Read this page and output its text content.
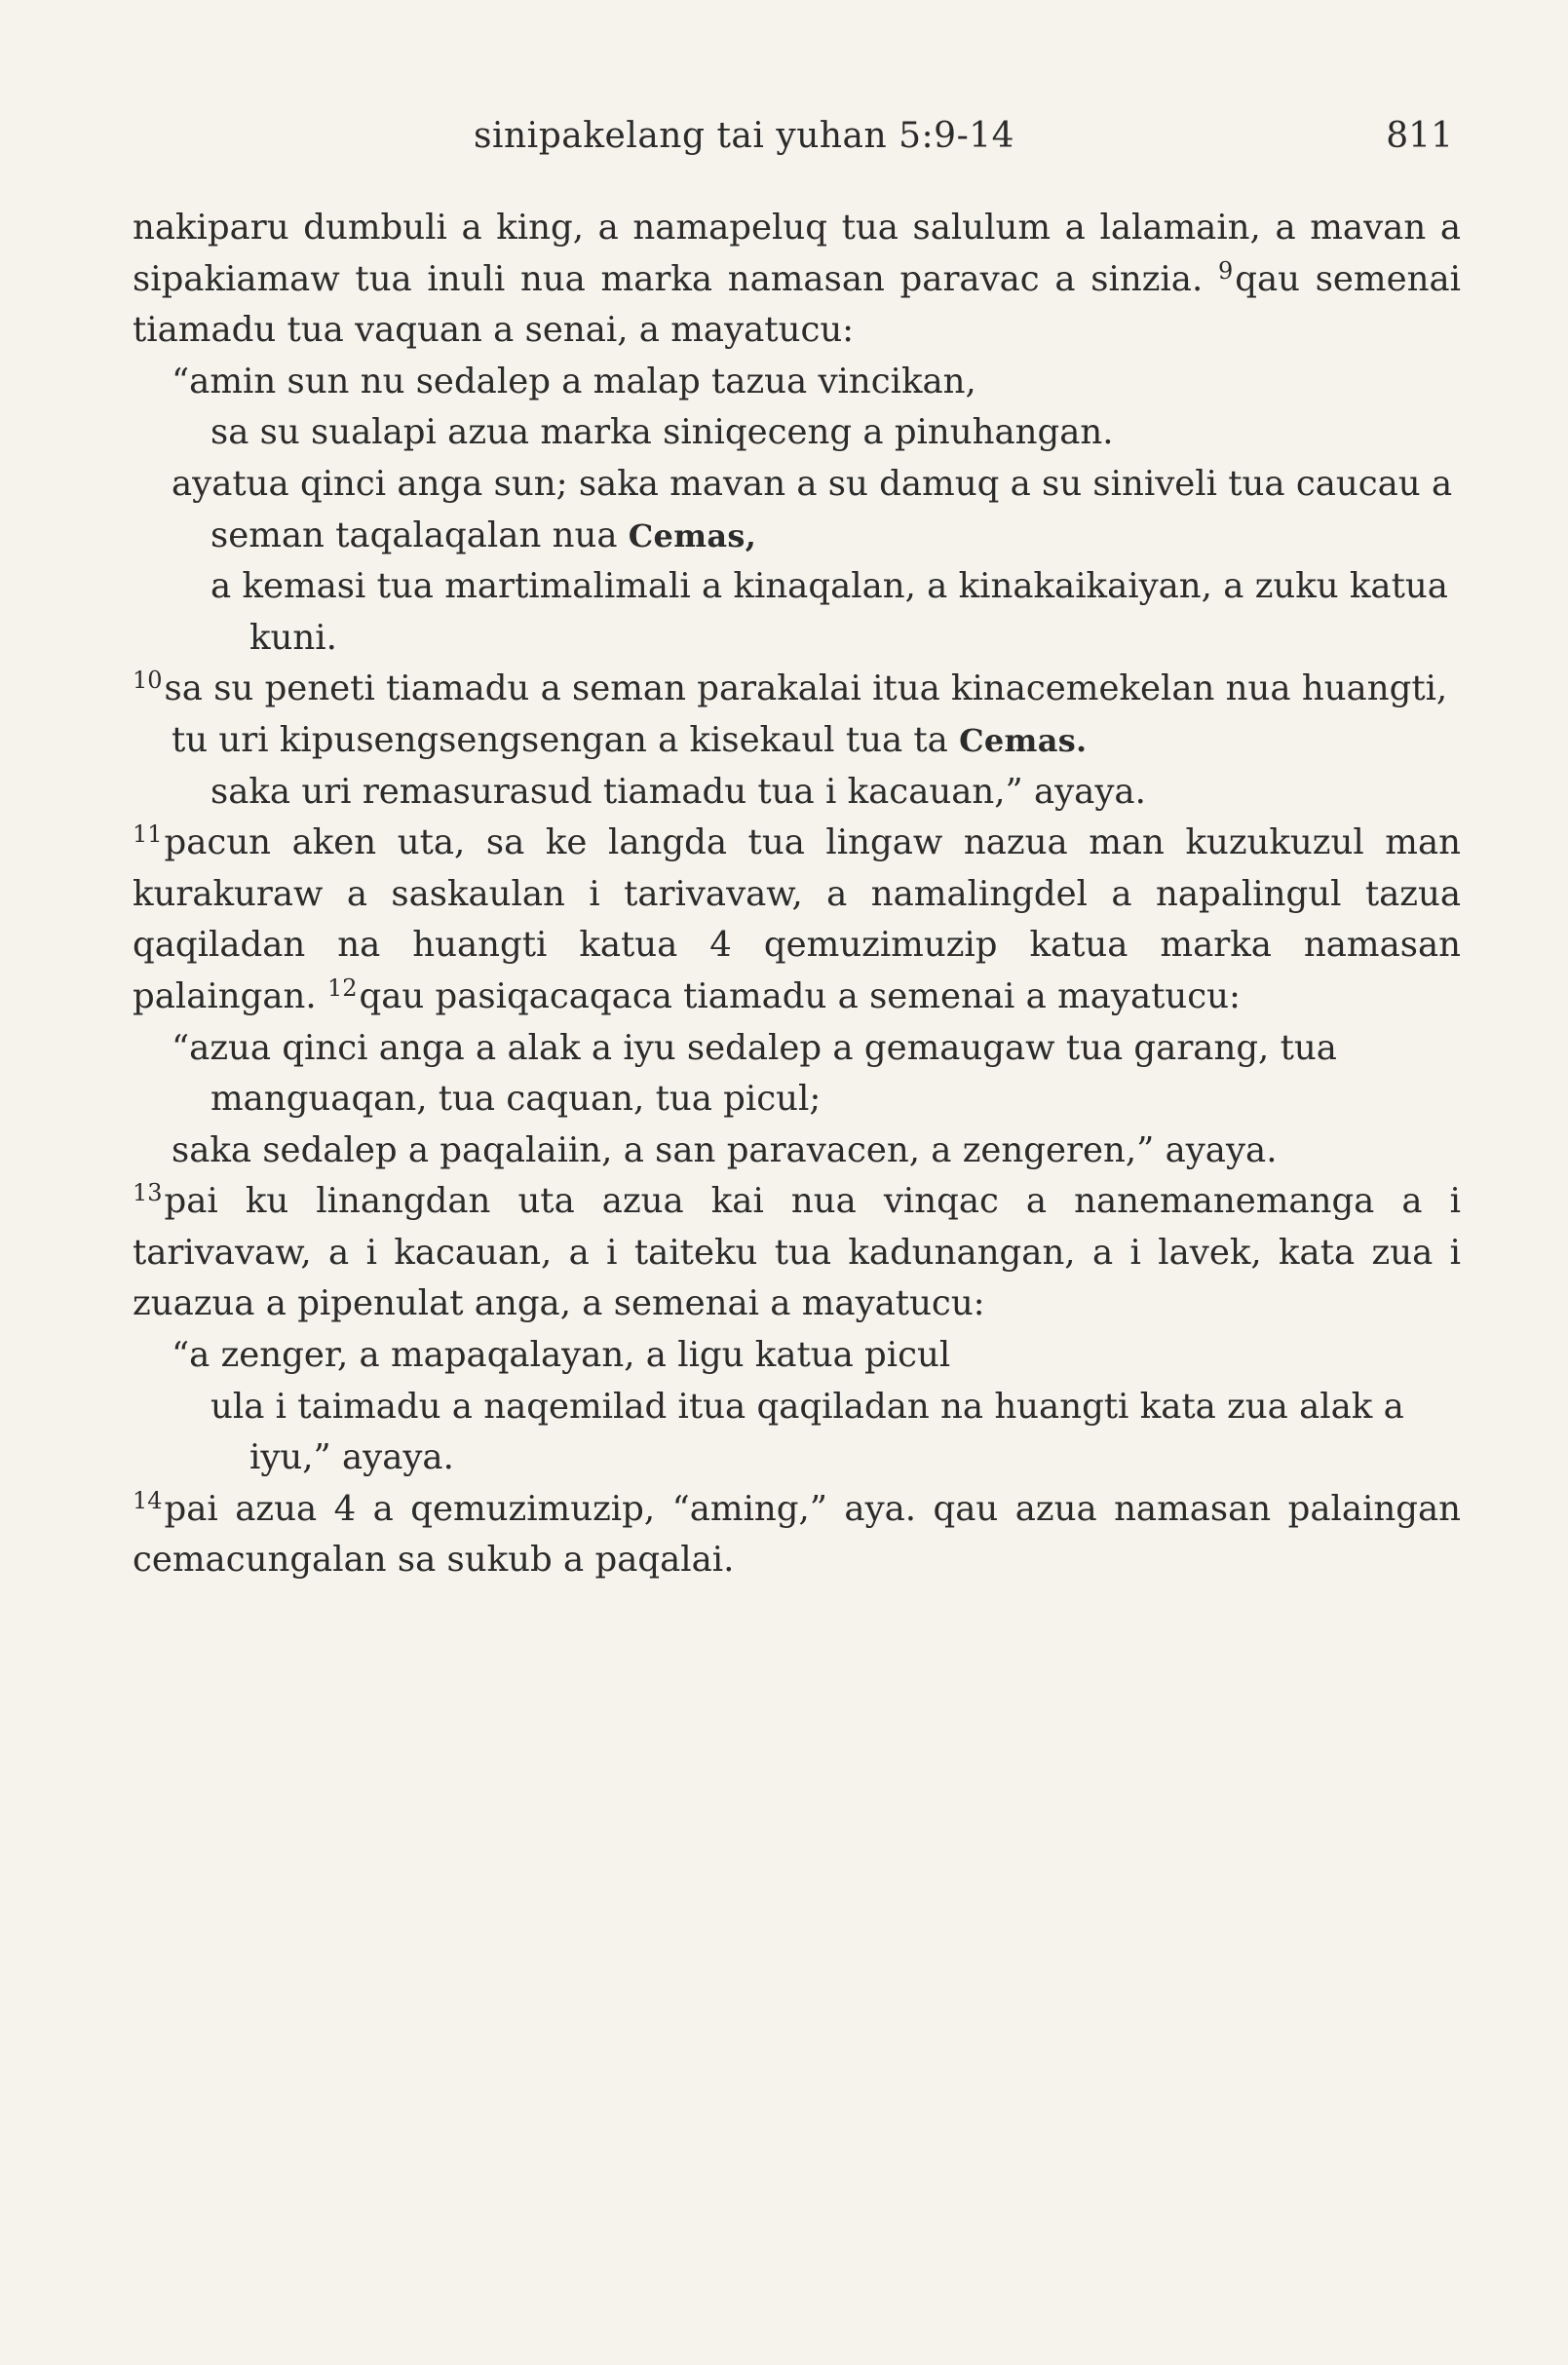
sinipakelang tai yuhan 5:9-14	811

nakiparu dumbuli a king, a namapeluq tua salulum a lalamain, a mavan a sipakiamaw tua inuli nua marka namasan paravac a sinzia. $^9$qau semenai tiamadu tua vaquan a senai, a mayatucu:

“amin sun nu sedalep a malap tazua vincikan,
sa su sualapi azua marka siniqeceng a pinuhangan.
ayatua qinci anga sun; saka mavan a su damuq a su siniveli tua caucau a seman taqalaqalan nua Cemas,
a kemasi tua martimalimali a kinaqalan, a kinakaikaiyan, a zuku katua kuni.
$^{10}$sa su peneti tiamadu a seman parakalai itua kinacemekelan nua huangti,
tu uri kipusengsengsengan a kisekaul tua ta Cemas.
saka uri remasurasud tiamadu tua i kacauan,” ayaya.

$^{11}$pacun aken uta, sa ke langda tua lingaw nazua man kuzukuzul man kurakuraw a saskaulan i tarivavaw, a namalingdel a napalingul tazua qaqiladan na huangti katua 4 qemuzimuzip katua marka namasan palaingan. $^{12}$qau pasiqacaqaca tiamadu a semenai a mayatucu:

“azua qinci anga a alak a iyu sedalep a gemaugaw tua garang, tua manguaqan, tua caquan, tua picul;
saka sedalep a paqalaiin, a san paravacen, a zengeren,” ayaya.

$^{13}$pai ku linangdan uta azua kai nua vinqac a nanemanemanga a i tarivavaw, a i kacauan, a i taiteku tua kadunangan, a i lavek, kata zua i zuazua a pipenulat anga, a semenai a mayatucu:

“a zenger, a mapaqalayan, a ligu katua picul
ula i taimadu a naqemilad itua qaqiladan na huangti kata zua alak a iyu,” ayaya.

$^{14}$pai azua 4 a qemuzimuzip, “aming,” aya. qau azua namasan palaingan cemacungalan sa sukub a paqalai.
